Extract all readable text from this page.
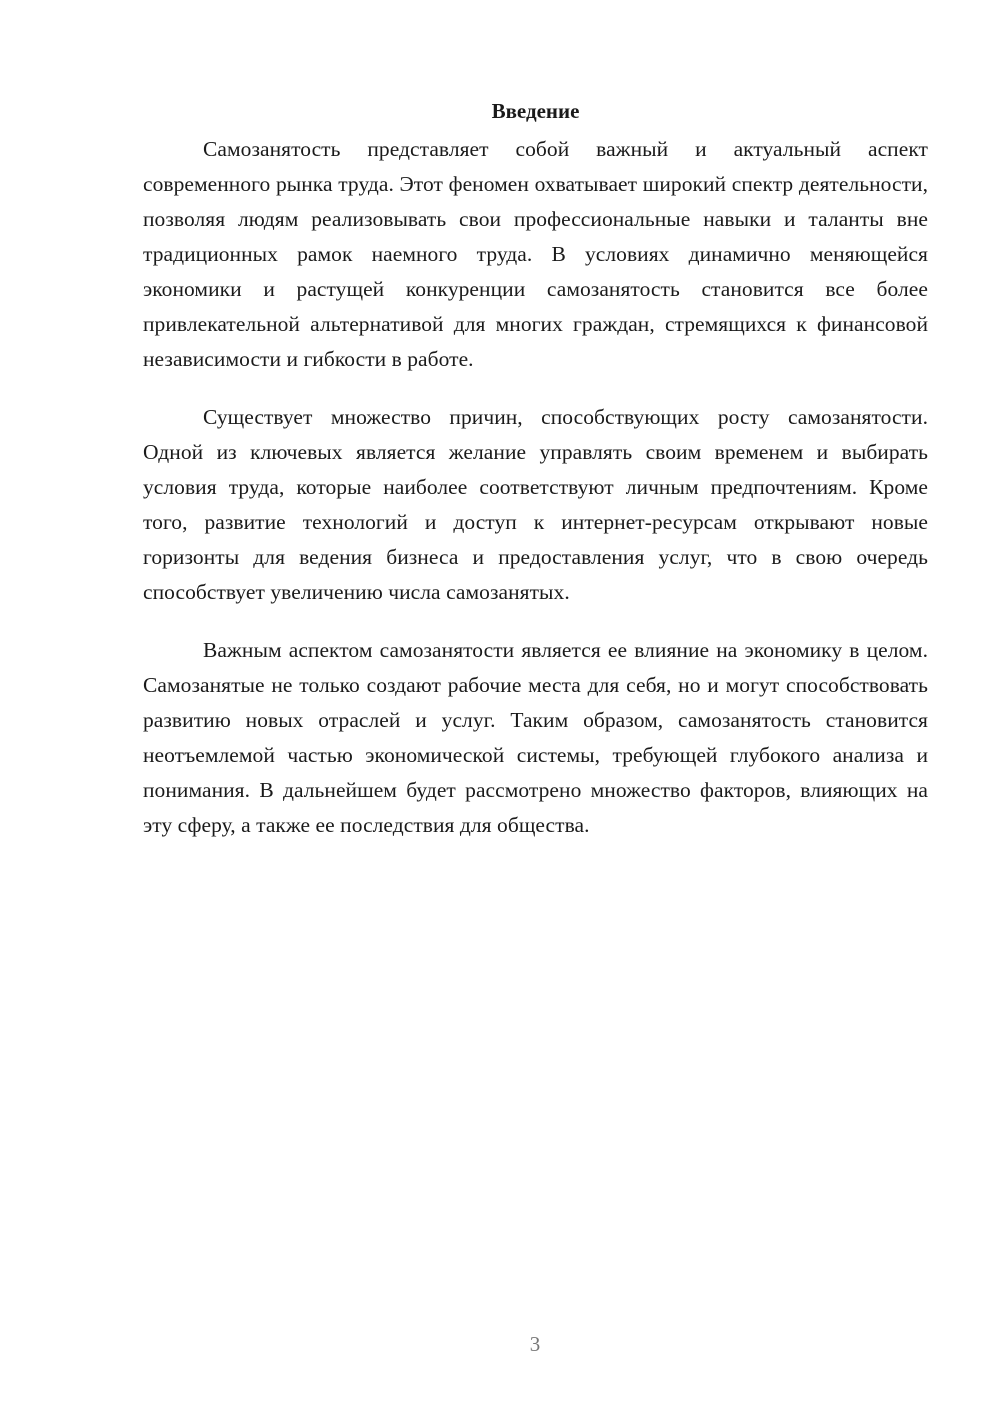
Введение

Самозанятость представляет собой важный и актуальный аспект современного рынка труда. Этот феномен охватывает широкий спектр деятельности, позволяя людям реализовывать свои профессиональные навыки и таланты вне традиционных рамок наемного труда. В условиях динамично меняющейся экономики и растущей конкуренции самозанятость становится все более привлекательной альтернативой для многих граждан, стремящихся к финансовой независимости и гибкости в работе.

Существует множество причин, способствующих росту самозанятости. Одной из ключевых является желание управлять своим временем и выбирать условия труда, которые наиболее соответствуют личным предпочтениям. Кроме того, развитие технологий и доступ к интернет-ресурсам открывают новые горизонты для ведения бизнеса и предоставления услуг, что в свою очередь способствует увеличению числа самозанятых.

Важным аспектом самозанятости является ее влияние на экономику в целом. Самозанятые не только создают рабочие места для себя, но и могут способствовать развитию новых отраслей и услуг. Таким образом, самозанятость становится неотъемлемой частью экономической системы, требующей глубокого анализа и понимания. В дальнейшем будет рассмотрено множество факторов, влияющих на эту сферу, а также ее последствия для общества.

3
